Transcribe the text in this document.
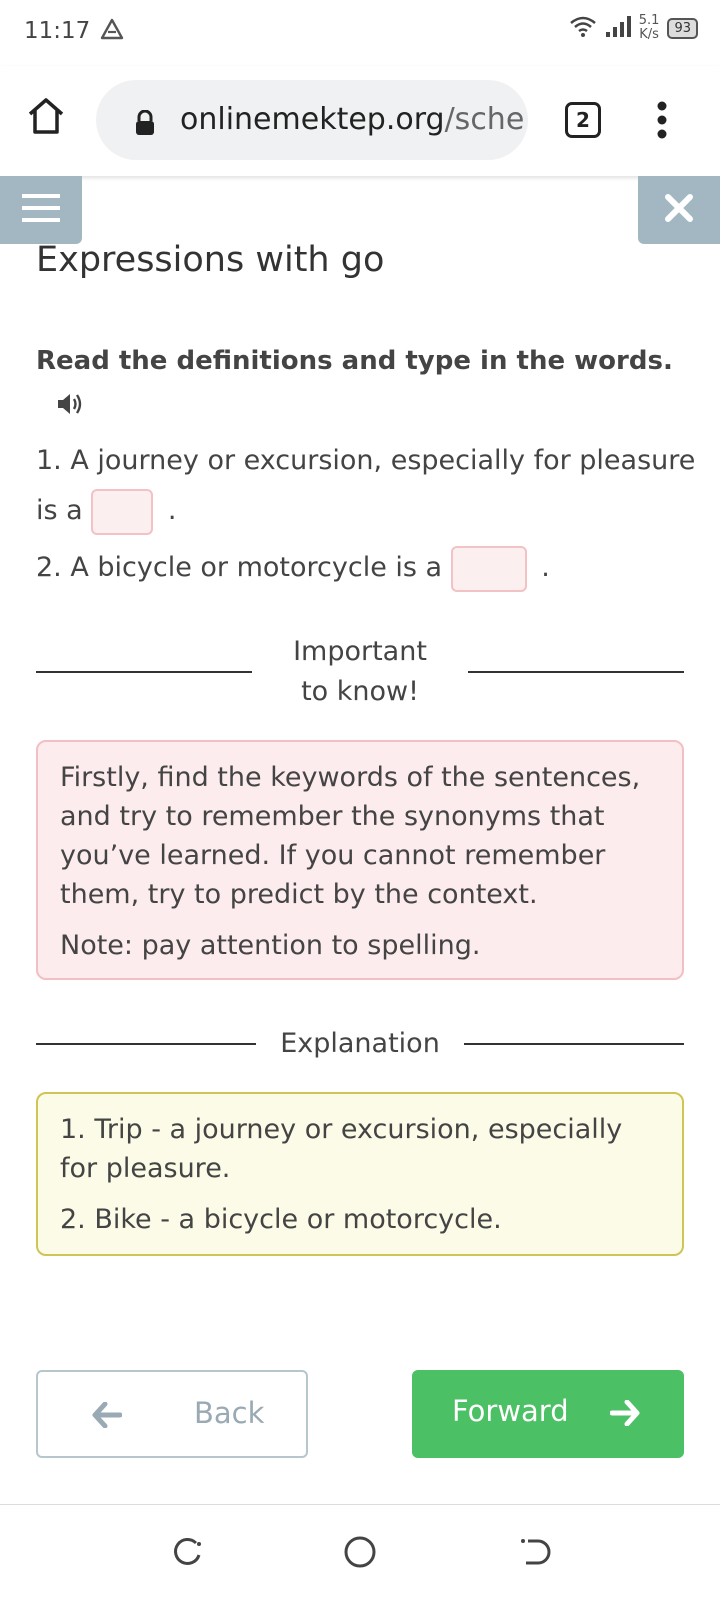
11:17	5.1
K/s	93
onlinemektep.org/sche	2
Expressions with go
Read the definitions and type in the words.
1. A journey or excursion, especially for pleasure is a	.
2. A bicycle or motorcycle is a	.
Important to know!

Firstly, find the keywords of the sentences, and try to remember the synonyms that you’ve learned. If you cannot remember them, try to predict by the context.

Note: pay attention to spelling.

Explanation

1. Trip - a journey or excursion, especially for pleasure.

2. Bike - a bicycle or motorcycle.

Back	Forward
